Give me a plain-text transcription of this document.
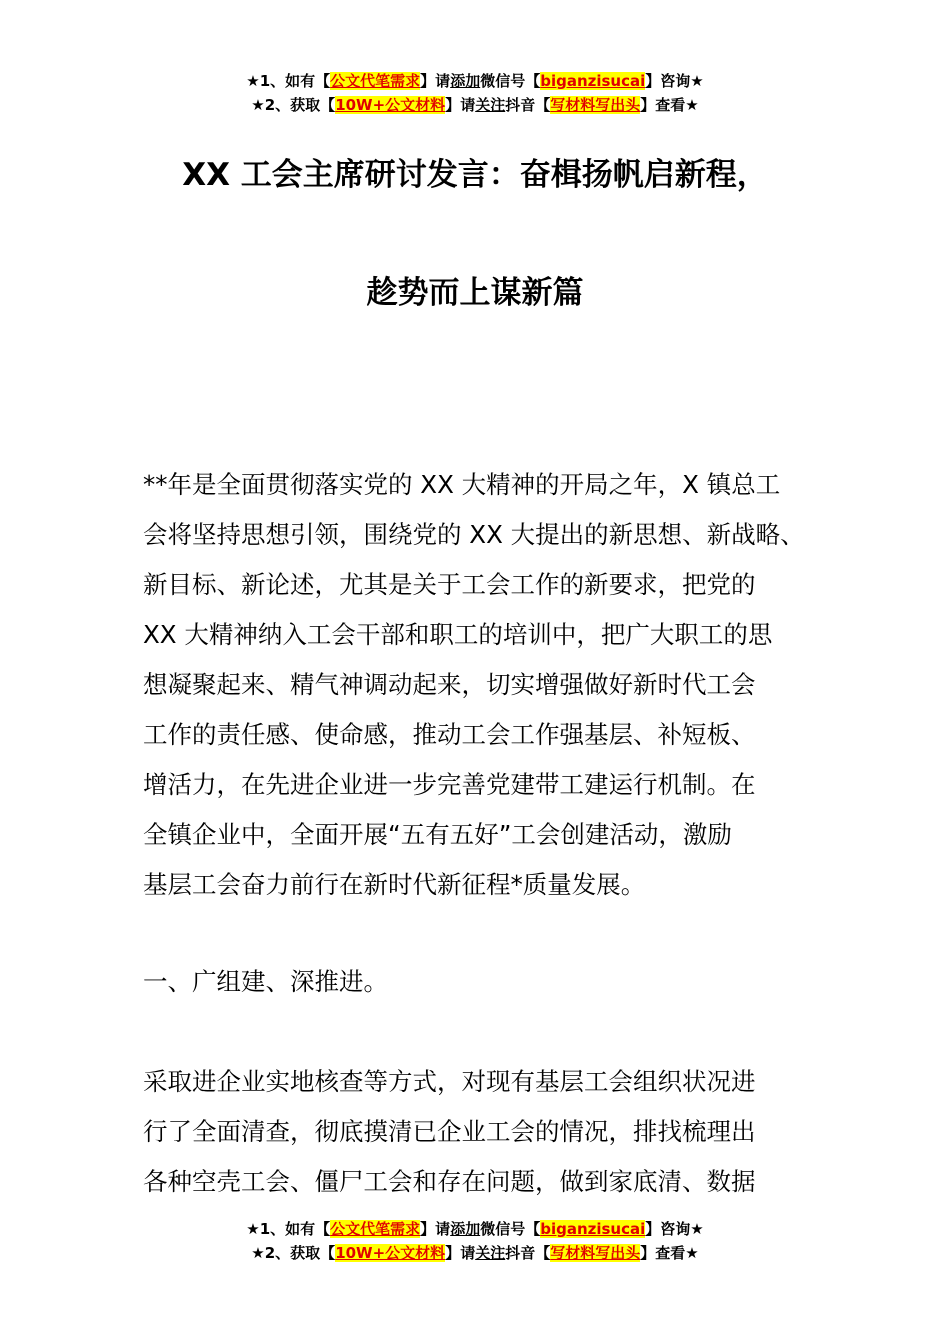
★1、如有【公文代笔需求】请添加微信号【biganzisucai】咨询★
★2、获取【10W+公文材料】请关注抖音【写材料写出头】查看★
XX 工会主席研讨发言：奋楫扬帆启新程，
趁势而上谋新篇
**年是全面贯彻落实党的 XX 大精神的开局之年，X 镇总工
会将坚持思想引领，围绕党的 XX 大提出的新思想、新战略、
新目标、新论述，尤其是关于工会工作的新要求，把党的
XX 大精神纳入工会干部和职工的培训中，把广大职工的思
想凝聚起来、精气神调动起来，切实增强做好新时代工会
工作的责任感、使命感，推动工会工作强基层、补短板、
增活力，在先进企业进一步完善党建带工建运行机制。在
全镇企业中，全面开展“五有五好”工会创建活动，激励
基层工会奋力前行在新时代新征程*质量发展。
一、广组建、深推进。
采取进企业实地核查等方式，对现有基层工会组织状况进
行了全面清查，彻底摸清已企业工会的情况，排找梳理出
各种空壳工会、僵尸工会和存在问题，做到家底清、数据
★1、如有【公文代笔需求】请添加微信号【biganzisucai】咨询★
★2、获取【10W+公文材料】请关注抖音【写材料写出头】查看★
